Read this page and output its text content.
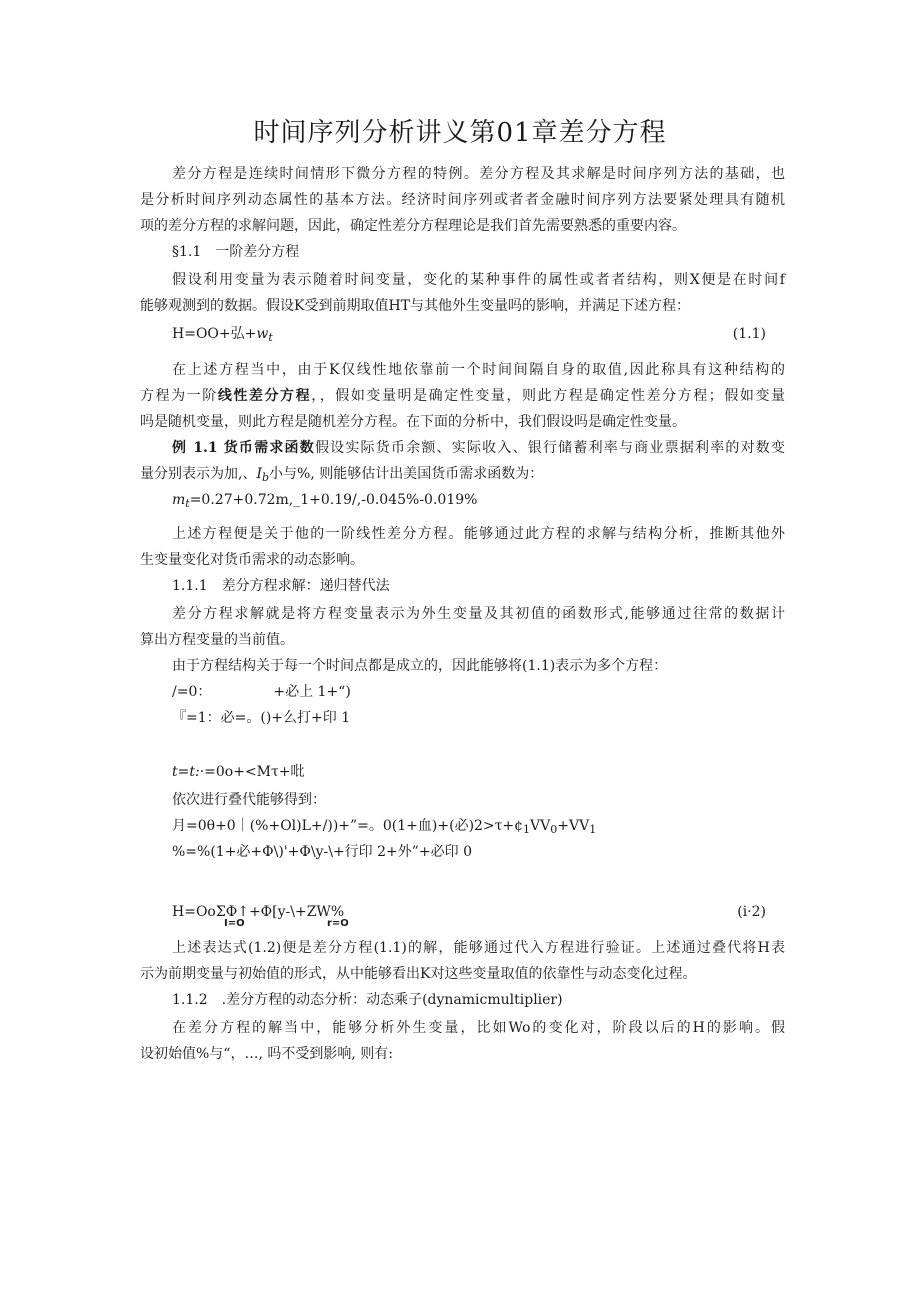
时间序列分析讲义第01章差分方程
差分方程是连续时间情形下微分方程的特例。差分方程及其求解是时间序列方法的基础，也
是分析时间序列动态属性的基本方法。经济时间序列或者者金融时间序列方法要紧处理具有随机
项的差分方程的求解问题，因此，确定性差分方程理论是我们首先需要熟悉的重要内容。
§1.1　一阶差分方程
假设利用变量为表示随着时间变量，变化的某种事件的属性或者者结构，则X便是在时间f
能够观测到的数据。假设K受到前期取值HT与其他外生变量吗的影响，并满足下述方程：
H=OO+弘$+w_t$	(1.1)
在上述方程当中，由于K仅线性地依靠前一个时间间隔自身的取值,因此称具有这种结构的
方程为一阶线性差分方程，，假如变量明是确定性变量，则此方程是确定性差分方程；假如变量
吗是随机变量，则此方程是随机差分方程。在下面的分析中，我们假设吗是确定性变量。
例 1.1 货币需求函数假设实际货币余额、实际收入、银行储蓄利率与商业票据利率的对数变
量分别表示为加,、$I_b$小与%, 则能够估计出美国货币需求函数为：
$m_t=0.27+0.72m,\_1+0.19/,-0.045\%-0.019\%$
上述方程便是关于他的一阶线性差分方程。能够通过此方程的求解与结构分析，推断其他外
生变量变化对货币需求的动态影响。
1.1.1　差分方程求解：递归替代法
差分方程求解就是将方程变量表示为外生变量及其初值的函数形式,能够通过往常的数据计
算出方程变量的当前值。
由于方程结构关于每一个时间点都是成立的，因此能够将(1.1)表示为多个方程：
/=0：	+必上 1+“)
『=1：必=。()+么打+印 1
t=t:·=0o+<Mτ+吡
依次进行叠代能够得到：
月=0θ+0｜(%+Ol)L+/))+”=。0(1+血)+(必)$2>\tau+¢_1VV_0+VV_1$
%=%(1+必+Φ\)'+Φ\y-\+行印 2+外”+必印 0
H=OoΣΦ↑+Φ[y-\+ZW%
I=O	r=O
(i·2)
上述表达式(1.2)便是差分方程(1.1)的解，能够通过代入方程进行验证。上述通过叠代将H表
示为前期变量与初始值的形式，从中能够看出K对这些变量取值的依靠性与动态变化过程。
1.1.2　.差分方程的动态分析：动态乘子(dynamicmultiplier)
在差分方程的解当中，能够分析外生变量，比如Wo的变化对，阶段以后的H的影响。假
设初始值%与“，…, 吗不受到影响, 则有:
